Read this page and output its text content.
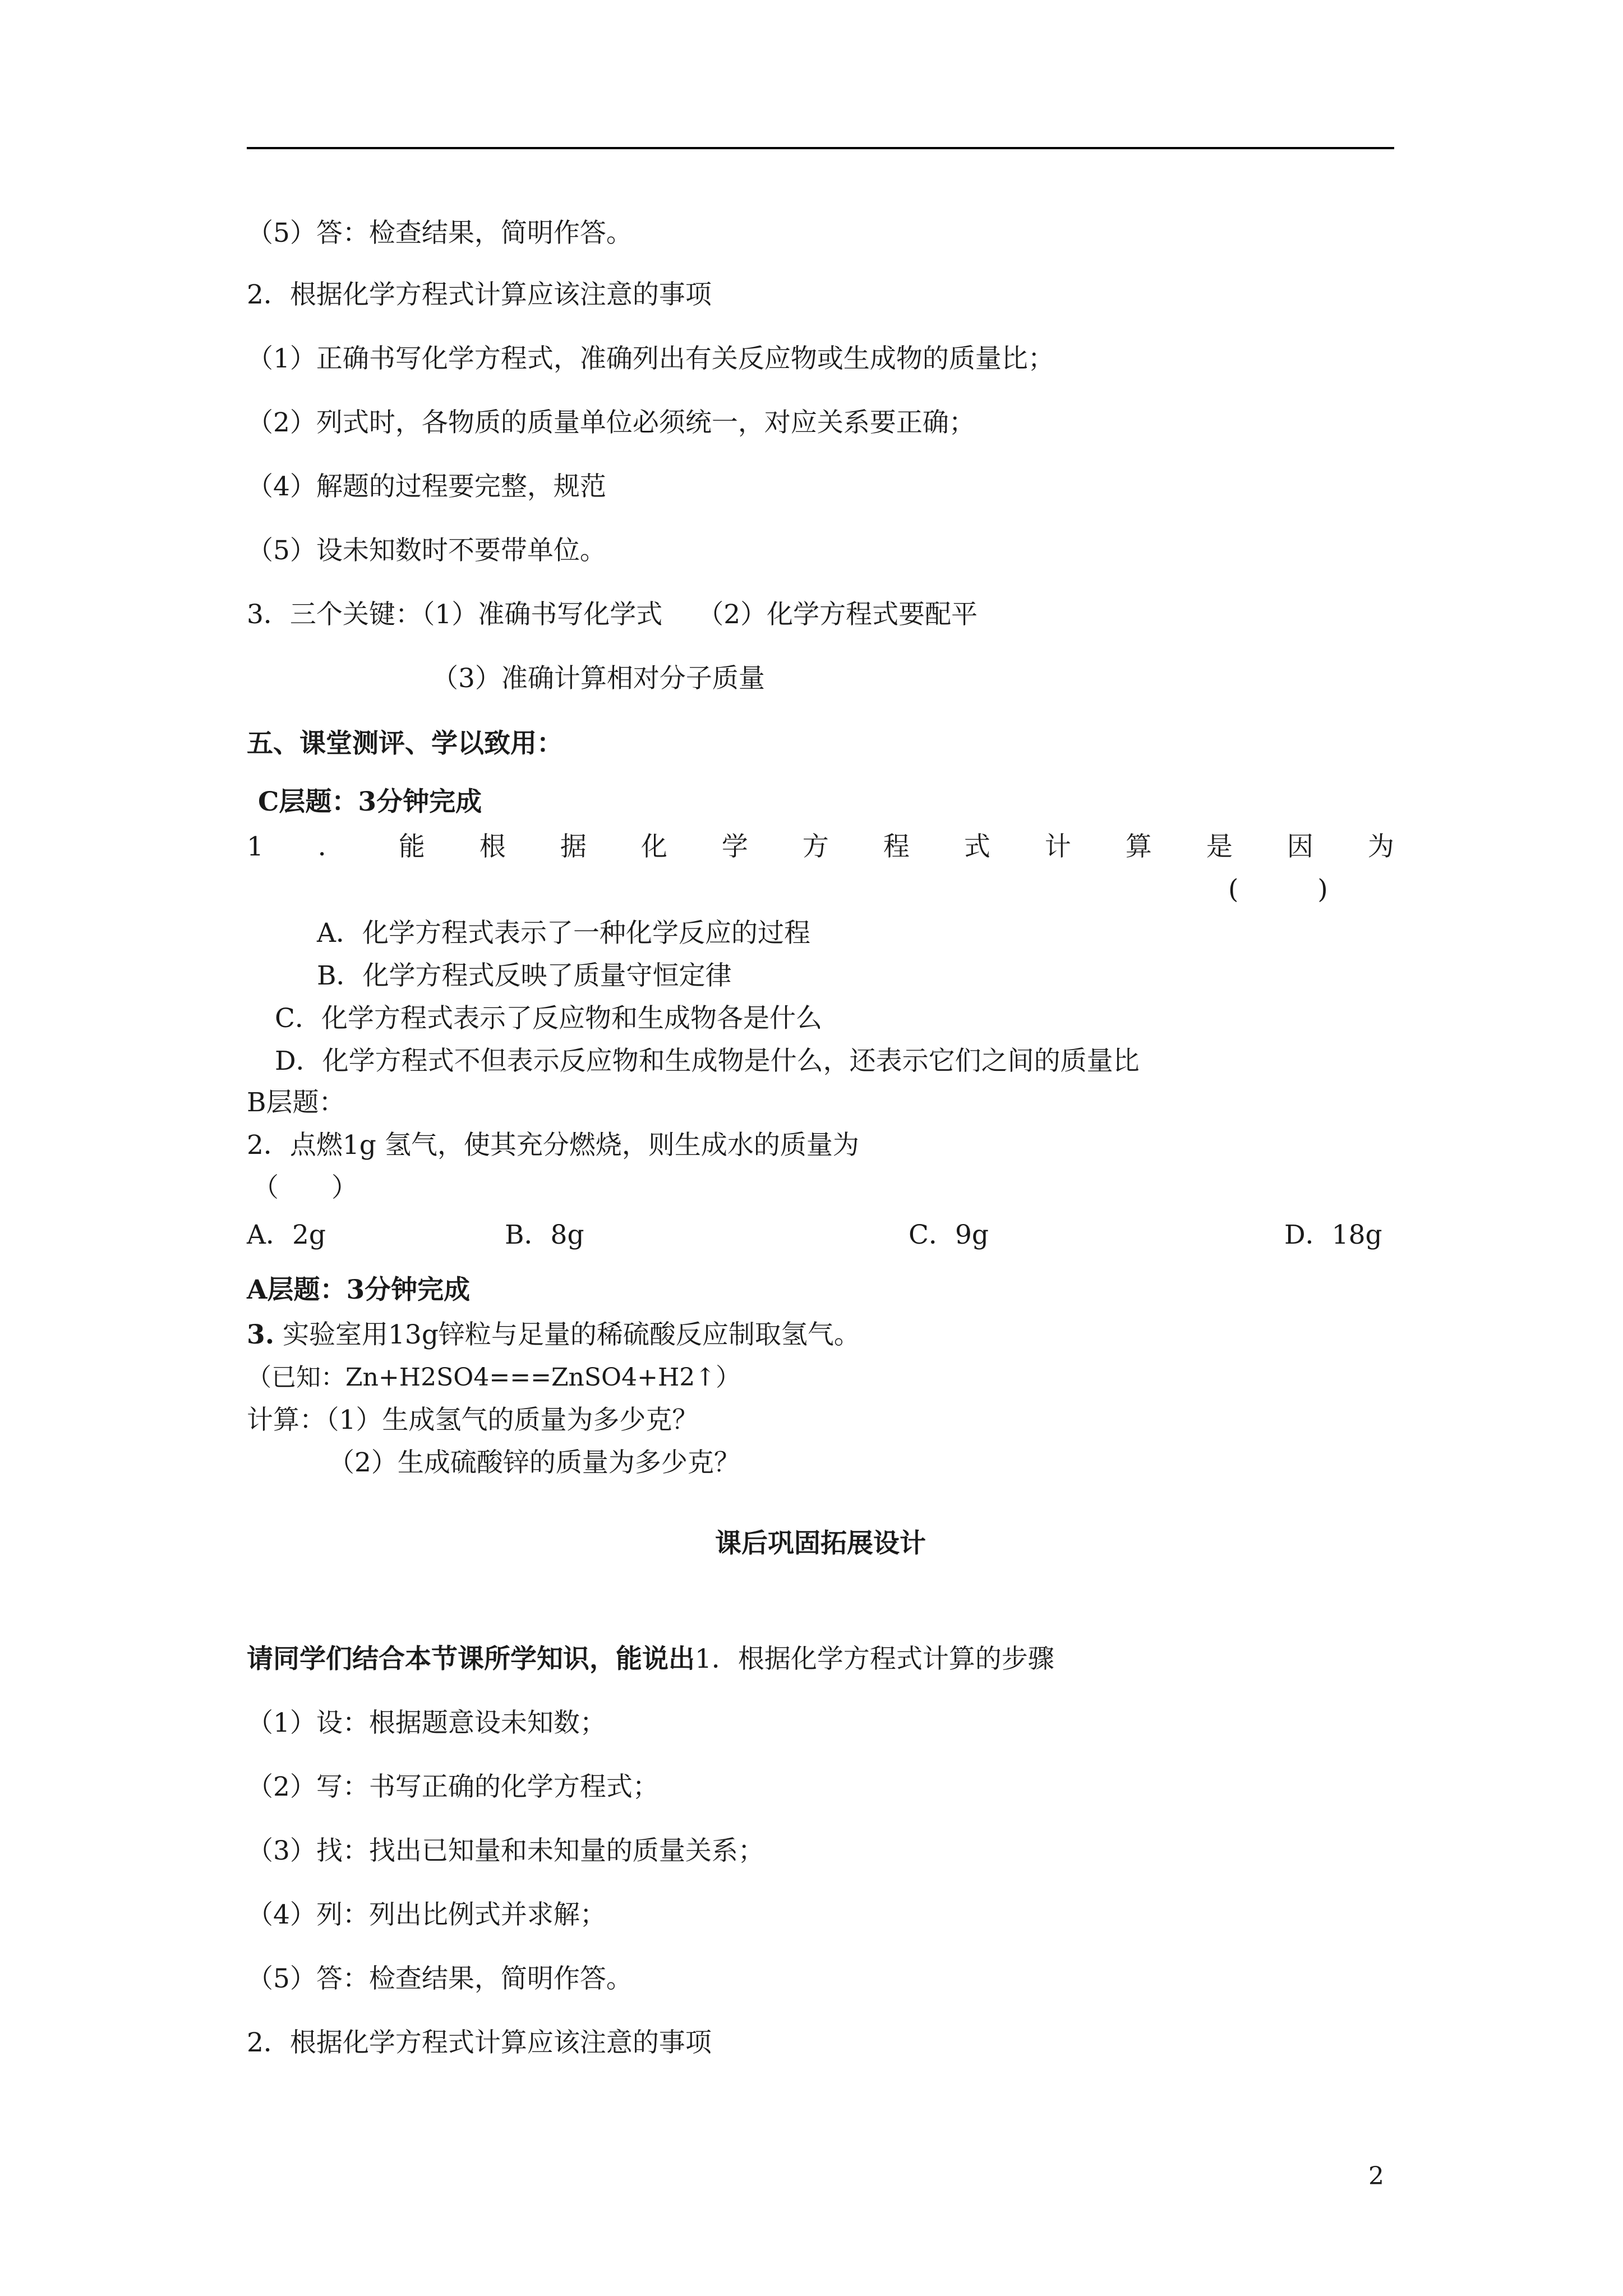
（5）答：检查结果，简明作答。
2．根据化学方程式计算应该注意的事项
（1）正确书写化学方程式，准确列出有关反应物或生成物的质量比；
（2）列式时，各物质的质量单位必须统一，对应关系要正确；
（4）解题的过程要完整，规范
（5）设未知数时不要带单位。
3．三个关键：（1）准确书写化学式　 （2）化学方程式要配平
（3）准确计算相对分子质量
五、课堂测评、学以致用：
C层题：3分钟完成
1 ． 能 根 据 化 学 方 程 式 计 算 是 因 为
(　　　)
A．化学方程式表示了一种化学反应的过程
B．化学方程式反映了质量守恒定律
C．化学方程式表示了反应物和生成物各是什么
D．化学方程式不但表示反应物和生成物是什么，还表示它们之间的质量比
B层题：
2．点燃1g 氢气，使其充分燃烧，则生成水的质量为
（　　）
A．2g	B．8g	C．9g	D．18g
A层题：3分钟完成
3. 实验室用13g锌粒与足量的稀硫酸反应制取氢气。
（已知：Zn+H2SO4===ZnSO4+H2↑）
计算：（1）生成氢气的质量为多少克？
（2）生成硫酸锌的质量为多少克？
课后巩固拓展设计
请同学们结合本节课所学知识，能说出1．根据化学方程式计算的步骤
（1）设：根据题意设未知数；
（2）写：书写正确的化学方程式；
（3）找：找出已知量和未知量的质量关系；
（4）列：列出比例式并求解；
（5）答：检查结果，简明作答。
2．根据化学方程式计算应该注意的事项
2
